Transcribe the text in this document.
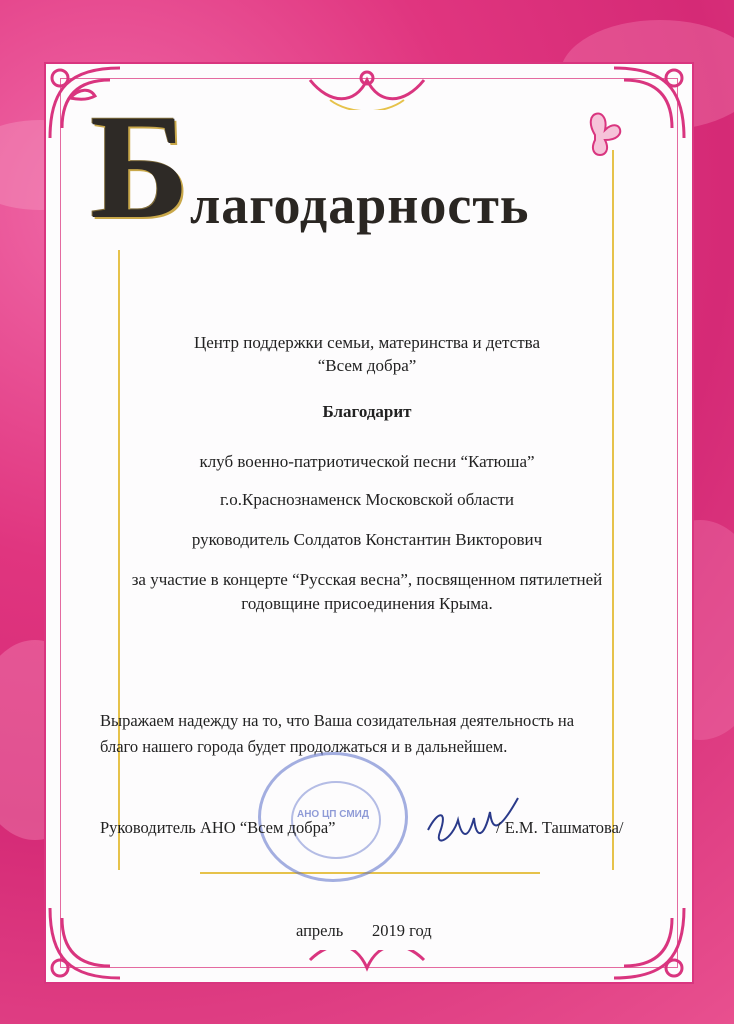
Б лагодарность
Центр поддержки семьи, материнства и детства
“Всем добра”
Благодарит
клуб военно-патриотической песни “Катюша”
г.о.Краснознаменск Московской области
руководитель Солдатов Константин Викторович
за участие в концерте “Русская весна”, посвященном пятилетней
годовщине присоединения Крыма.
Выражаем надежду на то, что Ваша созидательная деятельность на
благо нашего города будет продолжаться и в дальнейшем.
АНО ЦП СМИД
Руководитель АНО “Всем добра”	/ Е.М. Ташматова/
апрель	2019 год
